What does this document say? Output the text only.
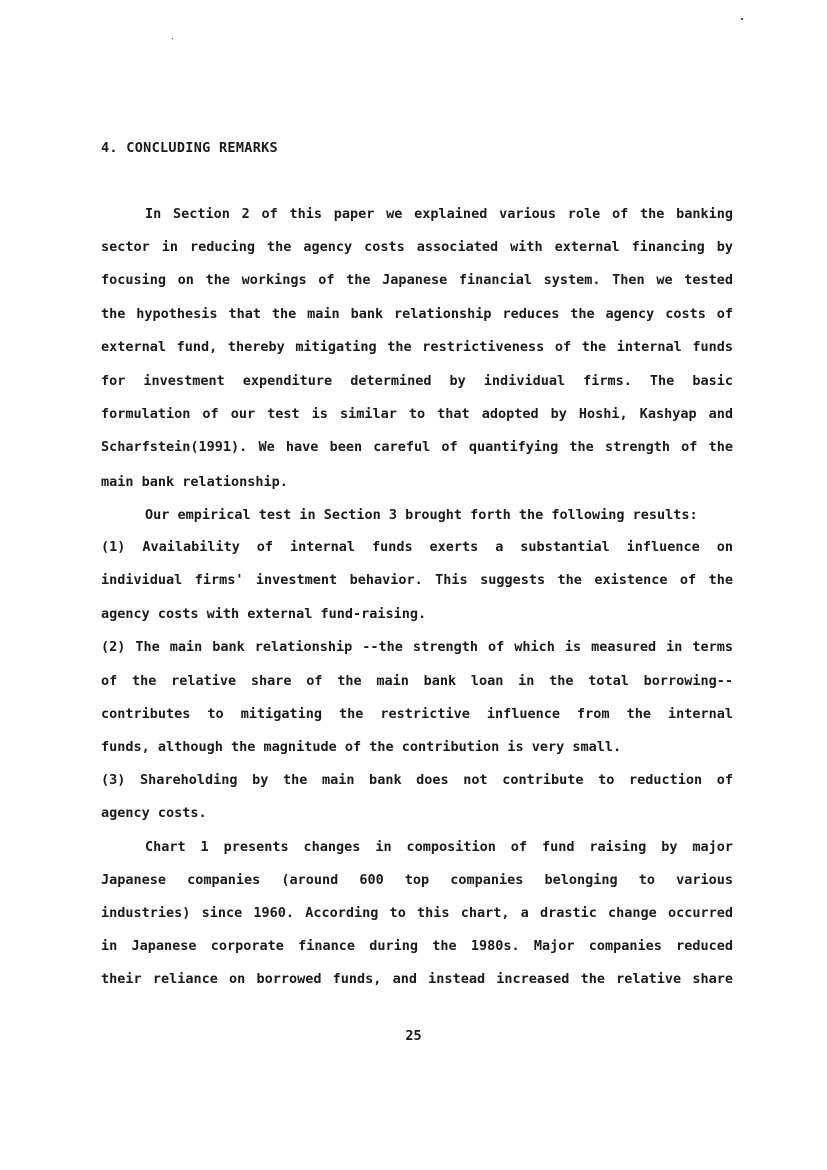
4. CONCLUDING REMARKS
In Section 2 of this paper we explained various role of the banking
sector in reducing the agency costs associated with external financing by
focusing on the workings of the Japanese financial system. Then we tested
the hypothesis that the main bank relationship reduces the agency costs of
external fund, thereby mitigating the restrictiveness of the internal funds
for investment expenditure determined by individual firms. The basic
formulation of our test is similar to that adopted by Hoshi, Kashyap and
Scharfstein(1991). We have been careful of quantifying the strength of the
main bank relationship.
Our empirical test in Section 3 brought forth the following results:
(1) Availability of internal funds exerts a substantial influence on
individual firms' investment behavior. This suggests the existence of the
agency costs with external fund-raising.
(2) The main bank relationship --the strength of which is measured in terms
of the relative share of the main bank loan in the total borrowing--
contributes to mitigating the restrictive influence from the internal
funds, although the magnitude of the contribution is very small.
(3) Shareholding by the main bank does not contribute to reduction of
agency costs.
Chart 1 presents changes in composition of fund raising by major
Japanese companies (around 600 top companies belonging to various
industries) since 1960. According to this chart, a drastic change occurred
in Japanese corporate finance during the 1980s. Major companies reduced
their reliance on borrowed funds, and instead increased the relative share
25
